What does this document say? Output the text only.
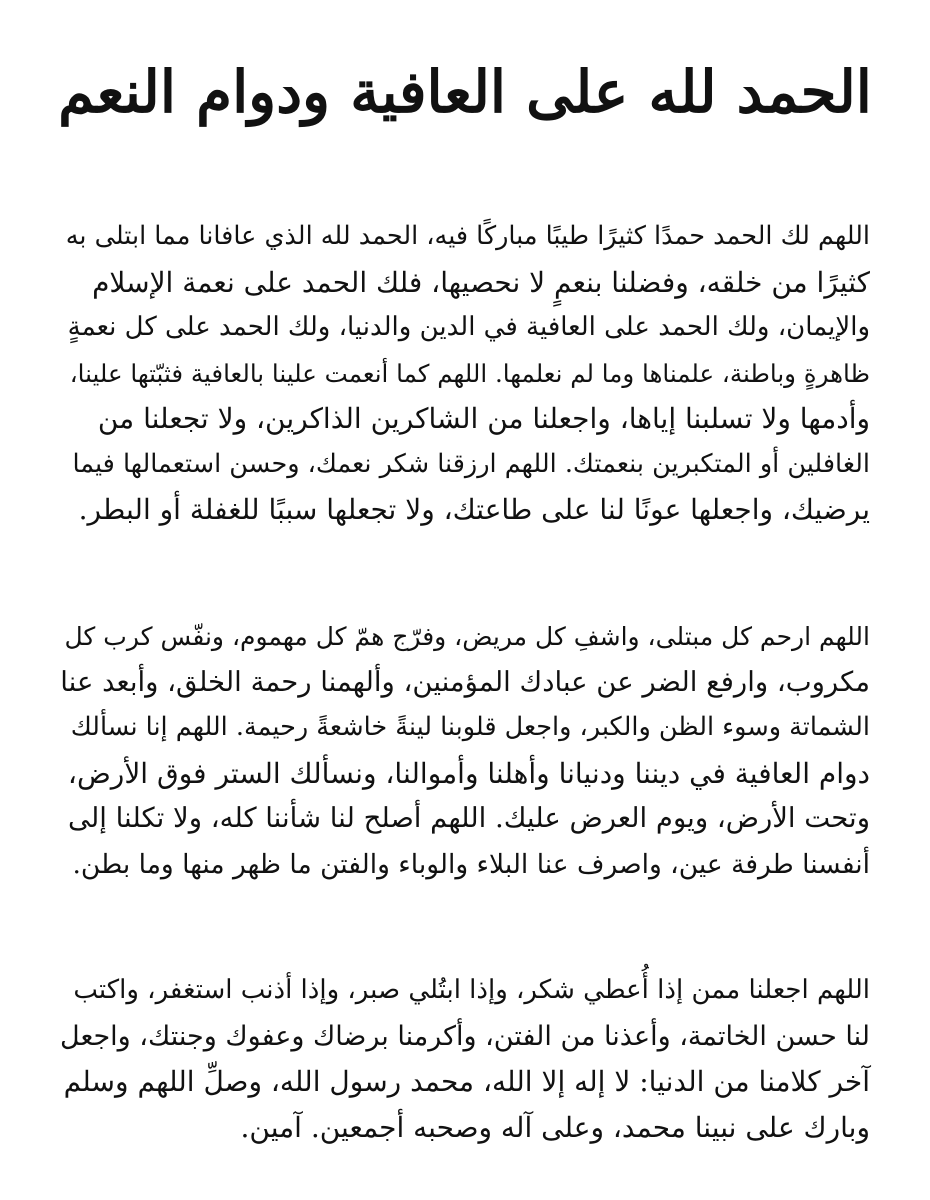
الحمد لله على العافية ودوام النعم
اللهم لك الحمد حمدًا كثيرًا طيبًا مباركًا فيه، الحمد لله الذي عافانا مما ابتلى به
كثيرًا من خلقه، وفضلنا بنعمٍ لا نحصيها، فلك الحمد على نعمة الإسلام
والإيمان، ولك الحمد على العافية في الدين والدنيا، ولك الحمد على كل نعمةٍ
ظاهرةٍ وباطنة، علمناها وما لم نعلمها. اللهم كما أنعمت علينا بالعافية فثبّتها علينا،
وأدمها ولا تسلبنا إياها، واجعلنا من الشاكرين الذاكرين، ولا تجعلنا من
الغافلين أو المتكبرين بنعمتك. اللهم ارزقنا شكر نعمك، وحسن استعمالها فيما
يرضيك، واجعلها عونًا لنا على طاعتك، ولا تجعلها سببًا للغفلة أو البطر.
اللهم ارحم كل مبتلى، واشفِ كل مريض، وفرّج همّ كل مهموم، ونفّس كرب كل
مكروب، وارفع الضر عن عبادك المؤمنين، وألهمنا رحمة الخلق، وأبعد عنا
الشماتة وسوء الظن والكبر، واجعل قلوبنا لينةً خاشعةً رحيمة. اللهم إنا نسألك
دوام العافية في ديننا ودنيانا وأهلنا وأموالنا، ونسألك الستر فوق الأرض،
وتحت الأرض، ويوم العرض عليك. اللهم أصلح لنا شأننا كله، ولا تكلنا إلى
أنفسنا طرفة عين، واصرف عنا البلاء والوباء والفتن ما ظهر منها وما بطن.
اللهم اجعلنا ممن إذا أُعطي شكر، وإذا ابتُلي صبر، وإذا أذنب استغفر، واكتب
لنا حسن الخاتمة، وأعذنا من الفتن، وأكرمنا برضاك وعفوك وجنتك، واجعل
آخر كلامنا من الدنيا: لا إله إلا الله، محمد رسول الله، وصلِّ اللهم وسلم
وبارك على نبينا محمد، وعلى آله وصحبه أجمعين. آمين.
